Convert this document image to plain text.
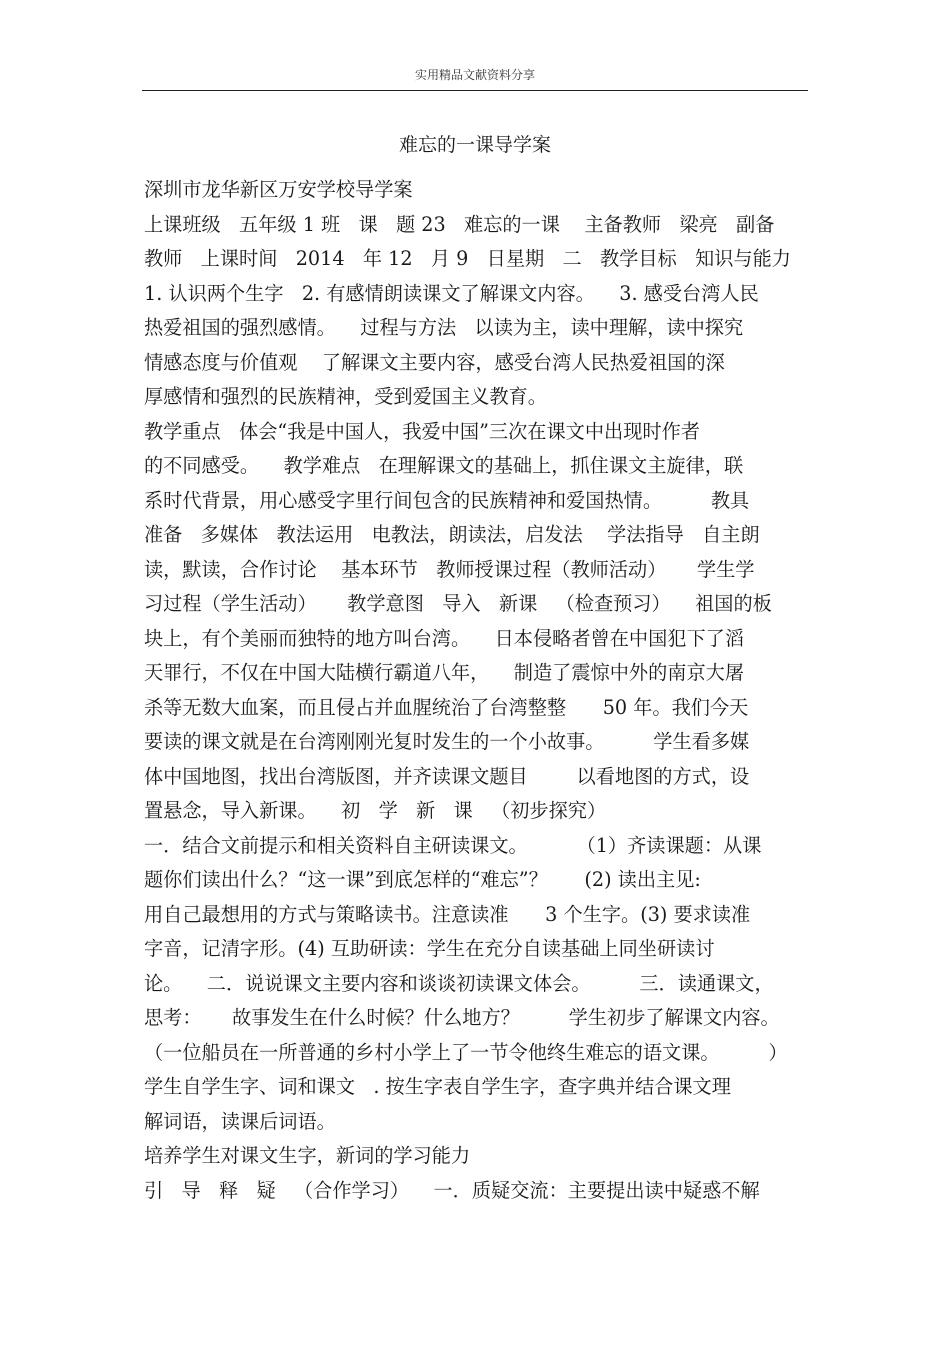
实用精品文献资料分享
难忘的一课导学案
深圳市龙华新区万安学校导学案
上课班级   五年级 1 班   课   题 23   难忘的一课    主备教师   梁亮   副备
教师   上课时间   2014   年 12   月 9   日星期   二   教学目标   知识与能力
1. 认识两个生字   2. 有感情朗读课文了解课文内容。    3. 感受台湾人民
热爱祖国的强烈感情。    过程与方法   以读为主，读中理解，读中探究
情感态度与价值观    了解课文主要内容，感受台湾人民热爱祖国的深
厚感情和强烈的民族精神，受到爱国主义教育。
教学重点   体会“我是中国人，我爱中国”三次在课文中出现时作者
的不同感受。    教学难点   在理解课文的基础上，抓住课文主旋律，联
系时代背景，用心感受字里行间包含的民族精神和爱国热情。        教具
准备   多媒体   教法运用   电教法，朗读法，启发法    学法指导   自主朗
读，默读，合作讨论    基本环节   教师授课过程（教师活动）     学生学
习过程（学生活动）     教学意图   导入   新课   （检查预习）    祖国的板
块上，有个美丽而独特的地方叫台湾。    日本侵略者曾在中国犯下了滔
天罪行，不仅在中国大陆横行霸道八年，    制造了震惊中外的南京大屠
杀等无数大血案，而且侵占并血腥统治了台湾整整      50 年。我们今天
要读的课文就是在台湾刚刚光复时发生的一个小故事。        学生看多媒
体中国地图，找出台湾版图，并齐读课文题目        以看地图的方式，设
置悬念，导入新课。    初   学   新   课   （初步探究）
一．结合文前提示和相关资料自主研读课文。        （1）齐读课题：从课
题你们读出什么？“这一课”到底怎样的“难忘”？      (2) 读出主见:
用自己最想用的方式与策略读书。注意读准      3 个生字。(3) 要求读准
字音，记清字形。(4) 互助研读：学生在充分自读基础上同坐研读讨
论。    二．说说课文主要内容和谈谈初读课文体会。        三．读通课文，
思考：     故事发生在什么时候？什么地方？        学生初步了解课文内容。
（一位船员在一所普通的乡村小学上了一节令他终生难忘的语文课。        ）
学生自学生字、词和课文   . 按生字表自学生字，查字典并结合课文理
解词语，读课后词语。
培养学生对课文生字，新词的学习能力
引   导   释   疑   （合作学习）    一．质疑交流：主要提出读中疑惑不解
